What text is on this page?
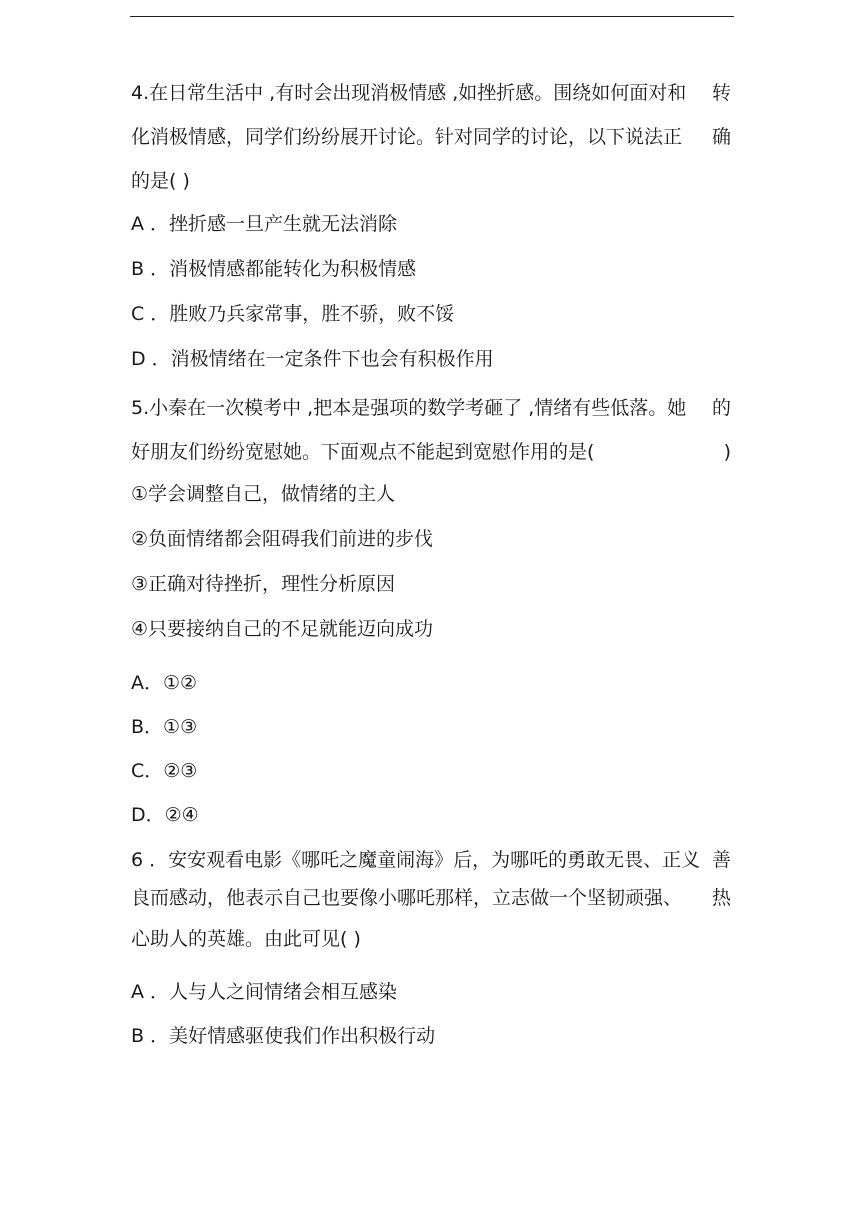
4.在日常生活中 ,有时会出现消极情感 ,如挫折感。围绕如何面对和 转
化消极情感，同学们纷纷展开讨论。针对同学的讨论，以下说法正 确
的是( )
A ．挫折感一旦产生就无法消除
B ．消极情感都能转化为积极情感
C ．胜败乃兵家常事，胜不骄，败不馁
D ．消极情绪在一定条件下也会有积极作用
5.小秦在一次模考中 ,把本是强项的数学考砸了 ,情绪有些低落。她 的
好朋友们纷纷宽慰她。下面观点不能起到宽慰作用的是(	)
①学会调整自己，做情绪的主人
②负面情绪都会阻碍我们前进的步伐
③正确对待挫折，理性分析原因
④只要接纳自己的不足就能迈向成功
A．①②
B．①③
C．②③
D．②④
6 ．安安观看电影《哪吒之魔童闹海》后，为哪吒的勇敢无畏、正义 善
良而感动，他表示自己也要像小哪吒那样，立志做一个坚韧顽强、 热
心助人的英雄。由此可见( )
A ．人与人之间情绪会相互感染
B ．美好情感驱使我们作出积极行动
